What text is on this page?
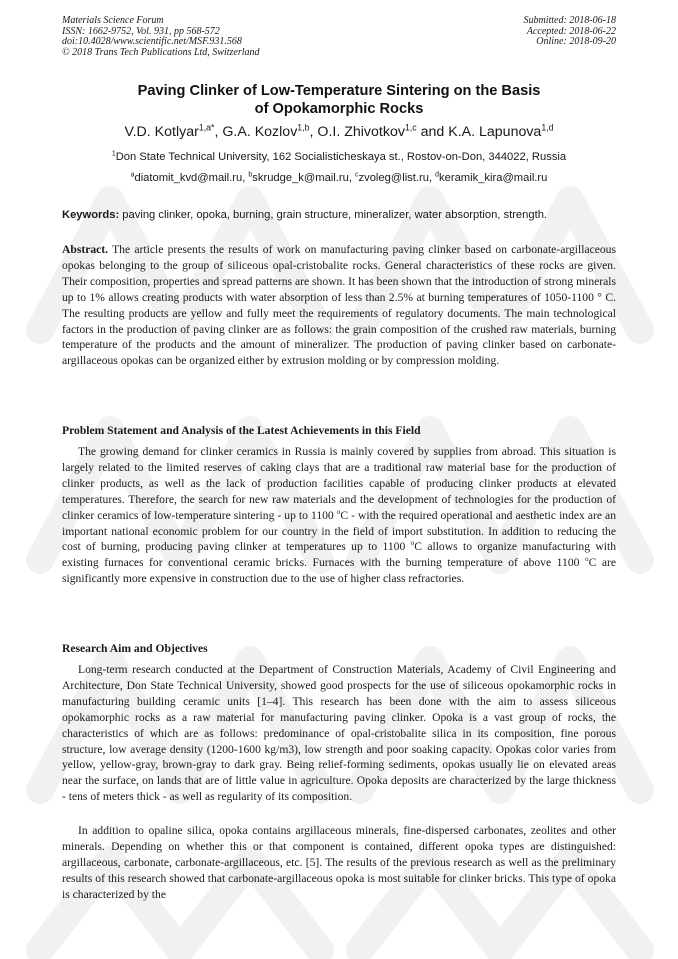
Materials Science Forum
ISSN: 1662-9752, Vol. 931, pp 568-572
doi:10.4028/www.scientific.net/MSF.931.568
© 2018 Trans Tech Publications Ltd, Switzerland
Submitted: 2018-06-18
Accepted: 2018-06-22
Online: 2018-09-20
Paving Clinker of Low-Temperature Sintering on the Basis
of Opokamorphic Rocks
V.D. Kotlyar$^{1,a*}$, G.A. Kozlov$^{1,b}$, O.I. Zhivotkov$^{1,c}$ and K.A. Lapunova$^{1,d}$
$^1$Don State Technical University, 162 Socialisticheskaya st., Rostov-on-Don, 344022, Russia
$^a$diatomit_kvd@mail.ru, $^b$skrudge_k@mail.ru, $^c$zvoleg@list.ru, $^d$keramik_kira@mail.ru
Keywords: paving clinker, opoka, burning, grain structure, mineralizer, water absorption, strength.
Abstract. The article presents the results of work on manufacturing paving clinker based on carbonate-argillaceous opokas belonging to the group of siliceous opal-cristobalite rocks. General characteristics of these rocks are given. Their composition, properties and spread patterns are shown. It has been shown that the introduction of strong minerals up to 1% allows creating products with water absorption of less than 2.5% at burning temperatures of 1050-1100 ° C. The resulting products are yellow and fully meet the requirements of regulatory documents. The main technological factors in the production of paving clinker are as follows: the grain composition of the crushed raw materials, burning temperature of the products and the amount of mineralizer. The production of paving clinker based on carbonate-argillaceous opokas can be organized either by extrusion molding or by compression molding.
Problem Statement and Analysis of the Latest Achievements in this Field
The growing demand for clinker ceramics in Russia is mainly covered by supplies from abroad. This situation is largely related to the limited reserves of caking clays that are a traditional raw material base for the production of clinker products, as well as the lack of production facilities capable of producing clinker products at elevated temperatures. Therefore, the search for new raw materials and the development of technologies for the production of clinker ceramics of low-temperature sintering - up to 1100 $^o$C - with the required operational and aesthetic index are an important national economic problem for our country in the field of import substitution. In addition to reducing the cost of burning, producing paving clinker at temperatures up to 1100 $^o$C allows to organize manufacturing with existing furnaces for conventional ceramic bricks. Furnaces with the burning temperature of above 1100 $^o$C are significantly more expensive in construction due to the use of higher class refractories.
Research Aim and Objectives
Long-term research conducted at the Department of Construction Materials, Academy of Civil Engineering and Architecture, Don State Technical University, showed good prospects for the use of siliceous opokamorphic rocks in manufacturing building ceramic units [1–4]. This research has been done with the aim to assess siliceous opokamorphic rocks as a raw material for manufacturing paving clinker. Opoka is a vast group of rocks, the characteristics of which are as follows: predominance of opal-cristobalite silica in its composition, fine porous structure, low average density (1200-1600 kg/m3), low strength and poor soaking capacity. Opokas color varies from yellow, yellow-gray, brown-gray to dark gray. Being relief-forming sediments, opokas usually lie on elevated areas near the surface, on lands that are of little value in agriculture. Opoka deposits are characterized by the large thickness - tens of meters thick - as well as regularity of its composition.
In addition to opaline silica, opoka contains argillaceous minerals, fine-dispersed carbonates, zeolites and other minerals. Depending on whether this or that component is contained, different opoka types are distinguished: argillaceous, carbonate, carbonate-argillaceous, etc. [5]. The results of the previous research as well as the preliminary results of this research showed that carbonate-argillaceous opoka is most suitable for clinker bricks. This type of opoka is characterized by the
